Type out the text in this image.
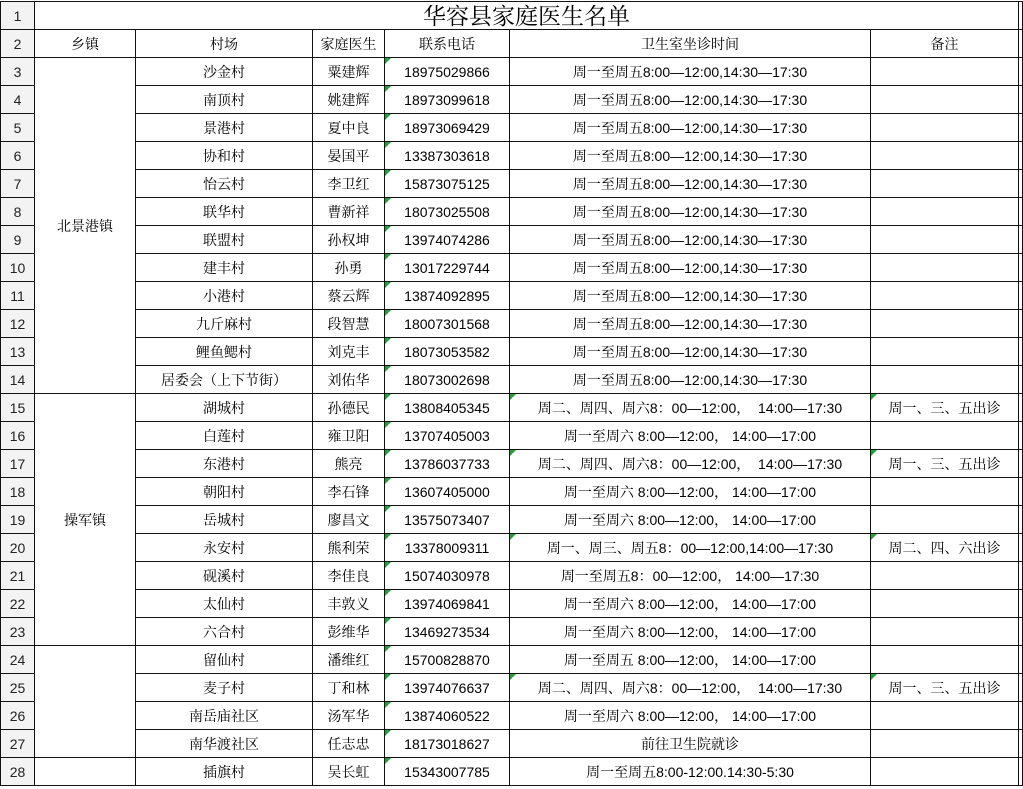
1	华容县家庭医生名单						
2	乡镇	村场	家庭医生	联系电话	卫生室坐诊时间	备注	
3	北景港镇	沙金村	粟建辉	18975029866	周一至周五8:00—12:00,14:30—17:30		
4		南顶村	姚建辉	18973099618	周一至周五8:00—12:00,14:30—17:30		
5		景港村	夏中良	18973069429	周一至周五8:00—12:00,14:30—17:30		
6		协和村	晏国平	13387303618	周一至周五8:00—12:00,14:30—17:30		
7		怡云村	李卫红	15873075125	周一至周五8:00—12:00,14:30—17:30		
8		联华村	曹新祥	18073025508	周一至周五8:00—12:00,14:30—17:30		
9		联盟村	孙权坤	13974074286	周一至周五8:00—12:00,14:30—17:30		
10		建丰村	孙勇	13017229744	周一至周五8:00—12:00,14:30—17:30		
11		小港村	蔡云辉	13874092895	周一至周五8:00—12:00,14:30—17:30		
12		九斤麻村	段智慧	18007301568	周一至周五8:00—12:00,14:30—17:30		
13		鲤鱼鳃村	刘克丰	18073053582	周一至周五8:00—12:00,14:30—17:30		
14		居委会（上下节街）	刘佑华	18073002698	周一至周五8:00—12:00,14:30—17:30		
15	操军镇	湖城村	孙德民	13808405345	周二、周四、周六8：00—12:00，  14:00—17:30	周一、三、五出诊	
16		白莲村	雍卫阳	13707405003	周一至周六 8:00—12:00， 14:00—17:00		
17		东港村	熊亮	13786037733	周二、周四、周六8：00—12:00，  14:00—17:30	周一、三、五出诊	
18		朝阳村	李石锋	13607405000	周一至周六 8:00—12:00， 14:00—17:00		
19		岳城村	廖昌文	13575073407	周一至周六 8:00—12:00， 14:00—17:00		
20		永安村	熊利荣	13378009311	周一、周三、周五8：00—12:00,14:00—17:30	周二、四、六出诊	
21		砚溪村	李佳良	15074030978	周一至周五8：00—12:00， 14:00—17:30		
22		太仙村	丰敦义	13974069841	周一至周六 8:00—12:00， 14:00—17:00		
23		六合村	彭维华	13469273534	周一至周六 8:00—12:00， 14:00—17:00		
24		留仙村	潘维红	15700828870	周一至周五 8:00—12:00， 14:00—17:00		
25		麦子村	丁和林	13974076637	周二、周四、周六8：00—12:00，  14:00—17:30	周一、三、五出诊	
26		南岳庙社区	汤军华	13874060522	周一至周六 8:00—12:00， 14:00—17:00		
27		南华渡社区	任志忠	18173018627	前往卫生院就诊		
28		插旗村	吴长虹	15343007785	周一至周五8:00-12:00.14:30-5:30		
